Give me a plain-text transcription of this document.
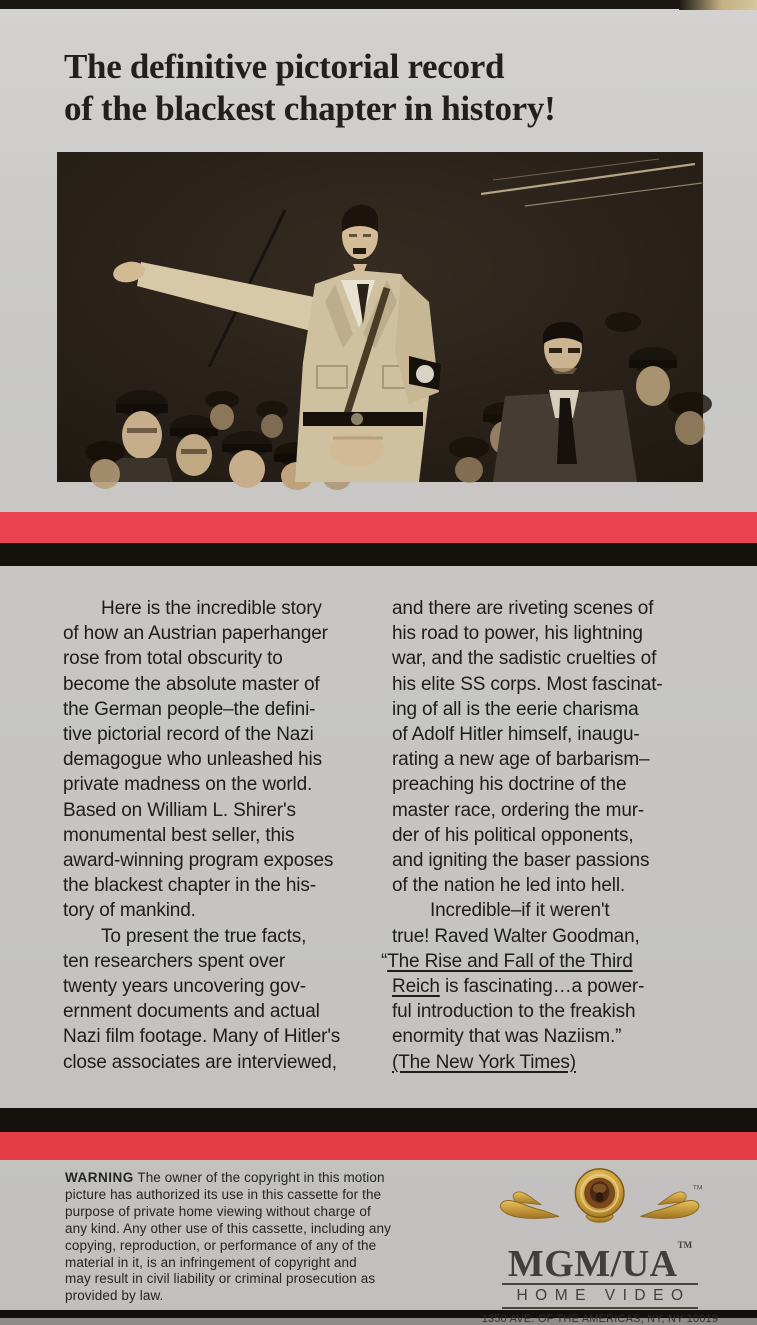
The definitive pictorial record
of the blackest chapter in history!
Here is the incredible story
of how an Austrian paperhanger
rose from total obscurity to
become the absolute master of
the German people–the defini-
tive pictorial record of the Nazi
demagogue who unleashed his
private madness on the world.
Based on William L. Shirer's
monumental best seller, this
award-winning program exposes
the blackest chapter in the his-
tory of mankind.
To present the true facts,
ten researchers spent over
twenty years uncovering gov-
ernment documents and actual
Nazi film footage. Many of Hitler's
close associates are interviewed,
and there are riveting scenes of
his road to power, his lightning
war, and the sadistic cruelties of
his elite SS corps. Most fascinat-
ing of all is the eerie charisma
of Adolf Hitler himself, inaugu-
rating a new age of barbarism–
preaching his doctrine of the
master race, ordering the mur-
der of his political opponents,
and igniting the baser passions
of the nation he led into hell.
Incredible–if it weren't
true! Raved Walter Goodman,
“The Rise and Fall of the Third
Reich is fascinating…a power-
ful introduction to the freakish
enormity that was Naziism.”
(The New York Times)
WARNING The owner of the copyright in this motion
picture has authorized its use in this cassette for the
purpose of private home viewing without charge of
any kind. Any other use of this cassette, including any
copying, reproduction, or performance of any of the
material in it, is an infringement of copyright and
may result in civil liability or criminal prosecution as
provided by law.
TM
MGM/UA™
HOME VIDEO
1350 AVE. OF THE AMERICAS, NY, NY 10019
